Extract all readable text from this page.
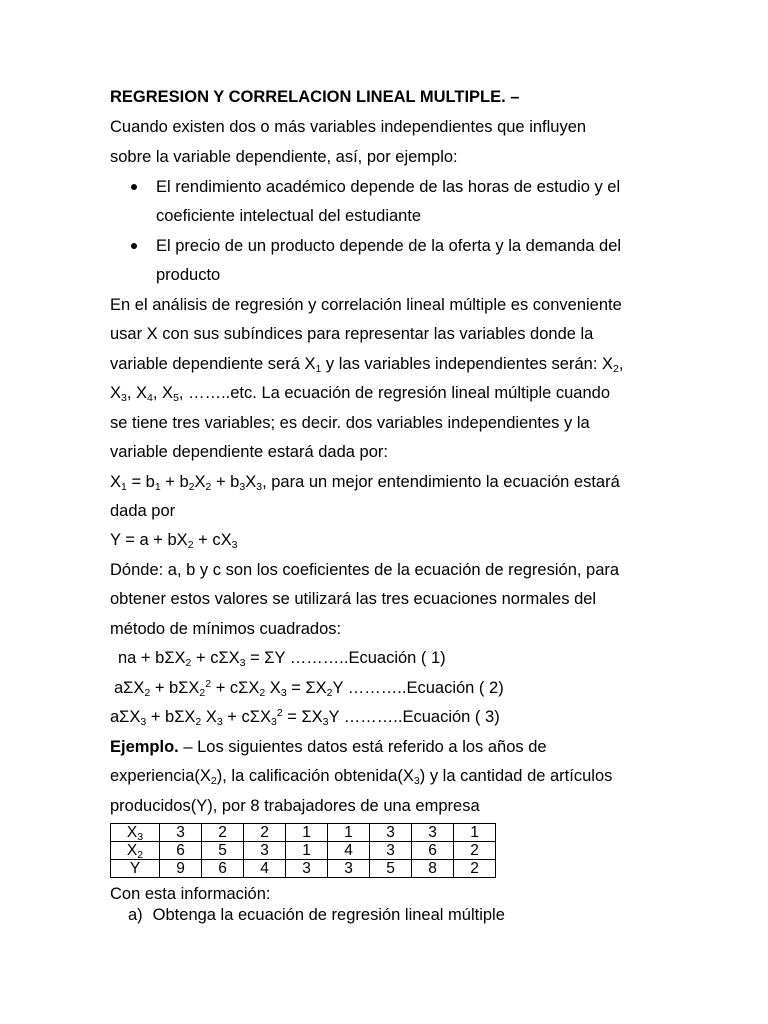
REGRESION Y CORRELACION LINEAL MULTIPLE. –
Cuando existen dos o más variables independientes que influyen
sobre la variable dependiente, así, por ejemplo:
El rendimiento académico depende de las horas de estudio y el
coeficiente intelectual del estudiante
El precio de un producto depende de la oferta y la demanda del
producto
En el análisis de regresión y correlación lineal múltiple es conveniente
usar X con sus subíndices para representar las variables donde la
variable dependiente será $X_1$ y las variables independientes serán: $X_2$,
$X_3$, $X_4$, $X_5$, ……..etc. La ecuación de regresión lineal múltiple cuando
se tiene tres variables; es decir. dos variables independientes y la
variable dependiente estará dada por:
$X_1 = b_1 + b_2X_2 + b_3X_3$, para un mejor entendimiento la ecuación estará
dada por
$Y = a + bX_2 + cX_3$
Dónde: a, b y c son los coeficientes de la ecuación de regresión, para
obtener estos valores se utilizará las tres ecuaciones normales del
método de mínimos cuadrados:
na + bΣX$_2$ + cΣX$_3$ = ΣY ………..Ecuación ( 1)
aΣX$_2$ + bΣX$_2^2$ + cΣX$_2$ $X_3 = \Sigma X_2Y$ ………..Ecuación ( 2)
aΣX$_3$ + bΣX$_2$ $X_3 + c\Sigma X_3^2 = \Sigma X_3Y$ ………..Ecuación ( 3)
Ejemplo. – Los siguientes datos está referido a los años de
$experiencia(X_2)$, la calificación $obtenida(X_3)$ y la cantidad de artículos
producidos(Y), por 8 trabajadores de una empresa
$X_3$	3	2	2	1	1	3	3	1
$X_2$	6	5	3	1	4	3	6	2
Y	9	6	4	3	3	5	8	2
Con esta información:
a) Obtenga la ecuación de regresión lineal múltiple
